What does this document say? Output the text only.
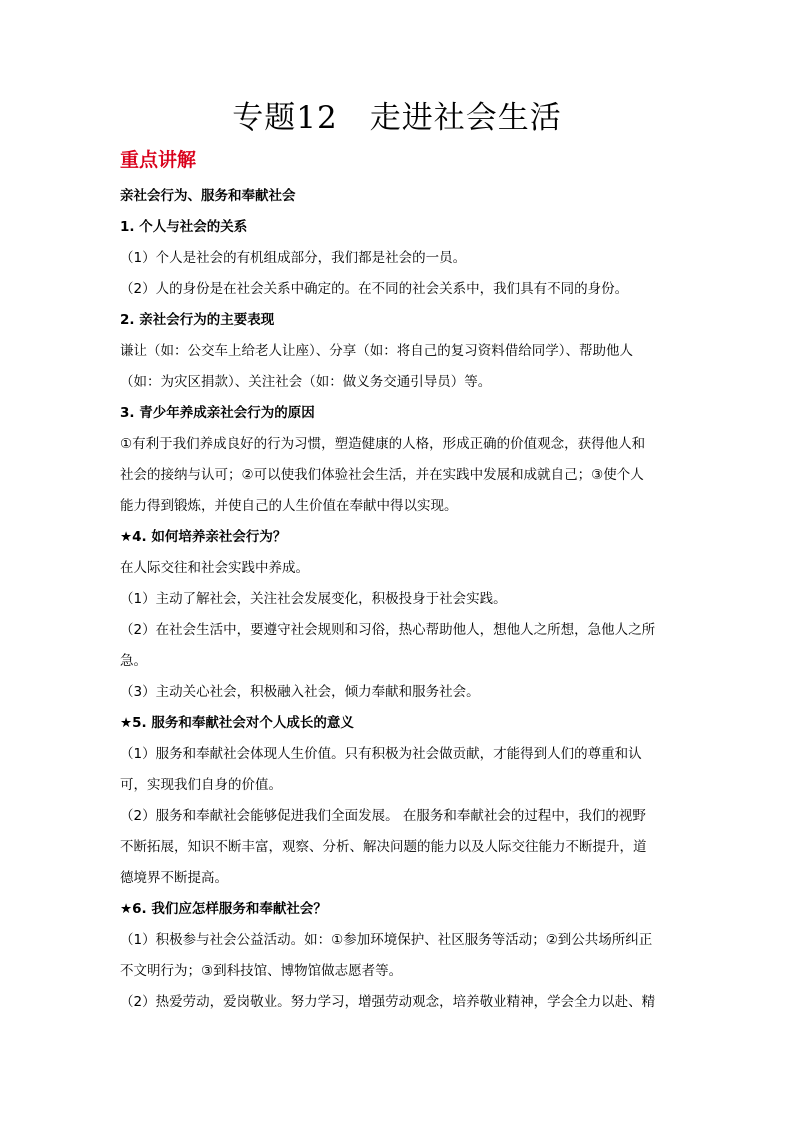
专题12　走进社会生活
重点讲解
亲社会行为、服务和奉献社会
1. 个人与社会的关系
（1）个人是社会的有机组成部分，我们都是社会的一员。
（2）人的身份是在社会关系中确定的。在不同的社会关系中，我们具有不同的身份。
2. 亲社会行为的主要表现
谦让（如：公交车上给老人让座）、分享（如：将自己的复习资料借给同学）、帮助他人
（如：为灾区捐款）、关注社会（如：做义务交通引导员）等。
3. 青少年养成亲社会行为的原因
①有利于我们养成良好的行为习惯，塑造健康的人格，形成正确的价值观念，获得他人和
社会的接纳与认可；②可以使我们体验社会生活，并在实践中发展和成就自己；③使个人
能力得到锻炼，并使自己的人生价值在奉献中得以实现。
★4. 如何培养亲社会行为？
在人际交往和社会实践中养成。
（1）主动了解社会，关注社会发展变化，积极投身于社会实践。
（2）在社会生活中，要遵守社会规则和习俗，热心帮助他人，想他人之所想，急他人之所
急。
（3）主动关心社会，积极融入社会，倾力奉献和服务社会。
★5. 服务和奉献社会对个人成长的意义
（1）服务和奉献社会体现人生价值。只有积极为社会做贡献，才能得到人们的尊重和认
可，实现我们自身的价值。
（2）服务和奉献社会能够促进我们全面发展。 在服务和奉献社会的过程中，我们的视野
不断拓展，知识不断丰富，观察、分析、解决问题的能力以及人际交往能力不断提升，道
德境界不断提高。
★6. 我们应怎样服务和奉献社会？
（1）积极参与社会公益活动。如：①参加环境保护、社区服务等活动；②到公共场所纠正
不文明行为；③到科技馆、博物馆做志愿者等。
（2）热爱劳动，爱岗敬业。努力学习，增强劳动观念，培养敬业精神，学会全力以赴、精
